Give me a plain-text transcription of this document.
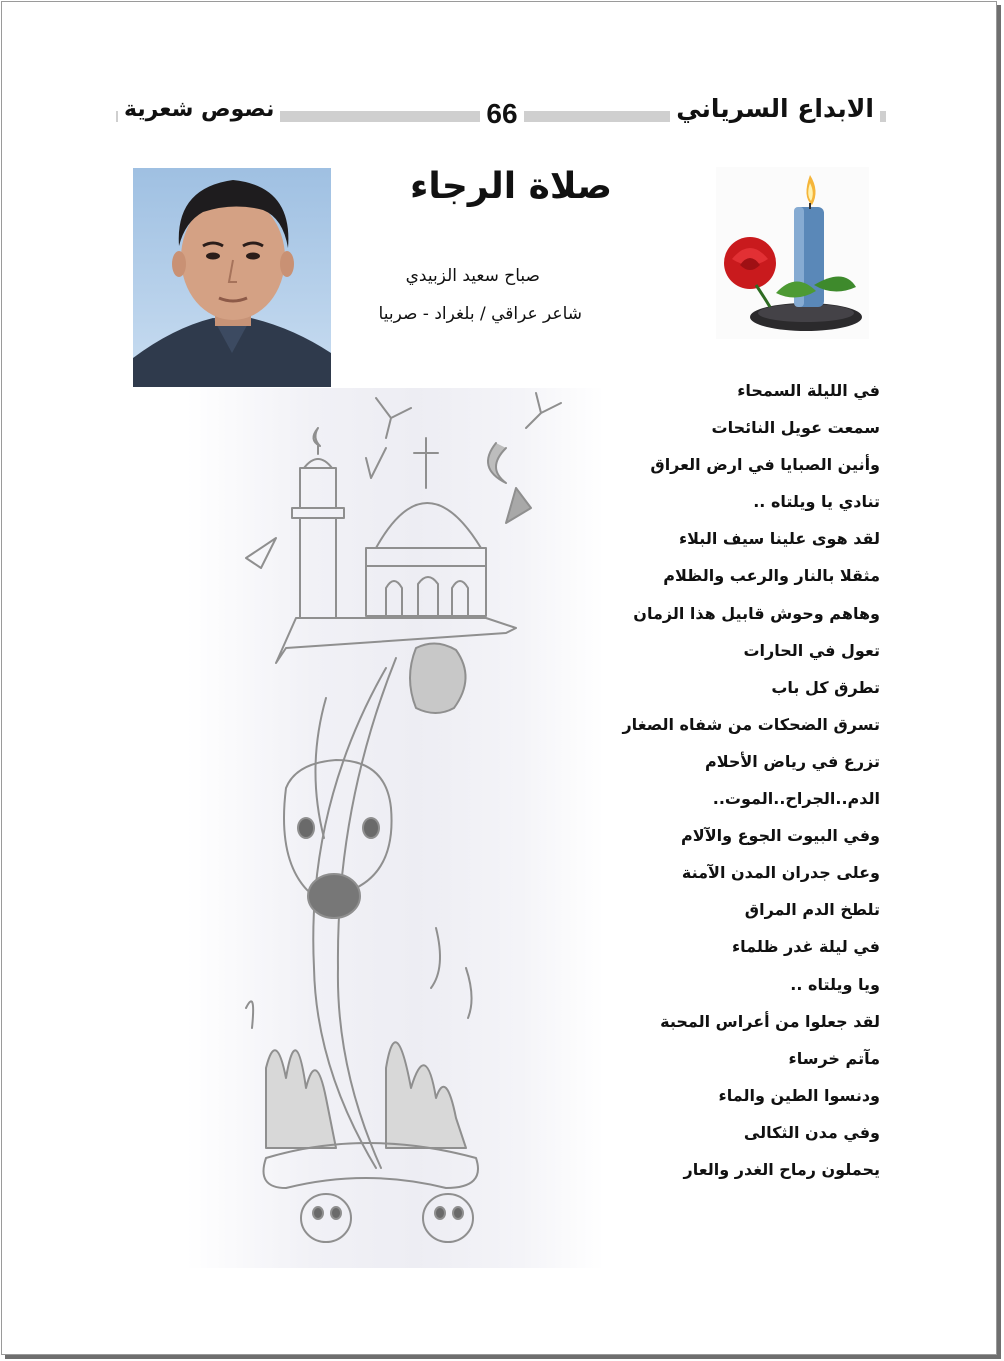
نصوص شعرية	66	الابداع السرياني
صلاة الرجاء
صباح سعيد الزبيدي
شاعر عراقي / بلغراد - صربيا
في الليلة السمحاء
سمعت عويل النائحات
وأنين الصبايا في ارض العراق
تنادي يا ويلتاه ..
لقد هوى علينا سيف البلاء
مثقلا بالنار والرعب والظلام
وهاهم وحوش قابيل هذا الزمان
تعول في الحارات
تطرق كل باب
تسرق الضحكات من شفاه الصغار
تزرع في رياض الأحلام
الدم..الجراح..الموت..
وفي البيوت الجوع والآلام
وعلى جدران المدن الآمنة
تلطخ الدم المراق
في ليلة غدر ظلماء
ويا ويلتاه ..
لقد جعلوا من أعراس المحبة
مآتم خرساء
ودنسوا الطين والماء
وفي مدن الثكالى
يحملون رماح الغدر والعار
